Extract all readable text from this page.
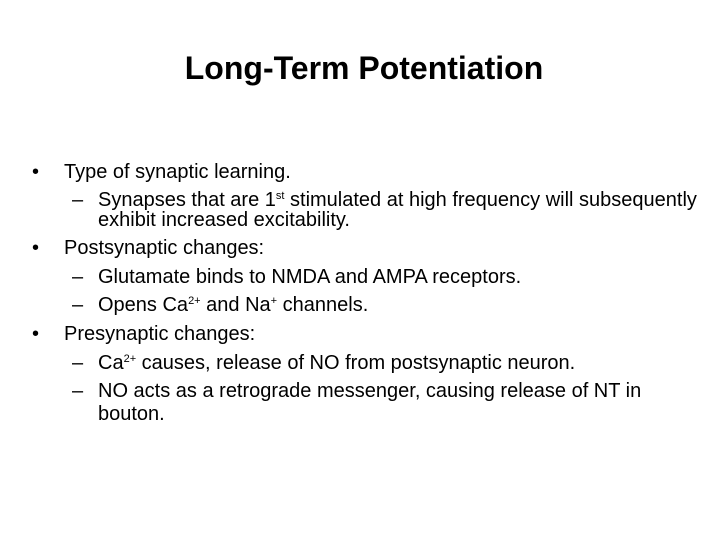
Long-Term Potentiation
•	Type of synaptic learning.
– Synapses that are 1st stimulated at high frequency will subsequently exhibit increased excitability.
•	Postsynaptic changes:
– Glutamate binds to NMDA and AMPA receptors.
– Opens $Ca^{2+}$ and Na+ channels.
•	Presynaptic changes:
– $Ca^{2+}$ causes, release of NO from postsynaptic neuron.
– NO acts as a retrograde messenger, causing release of NT in bouton.
